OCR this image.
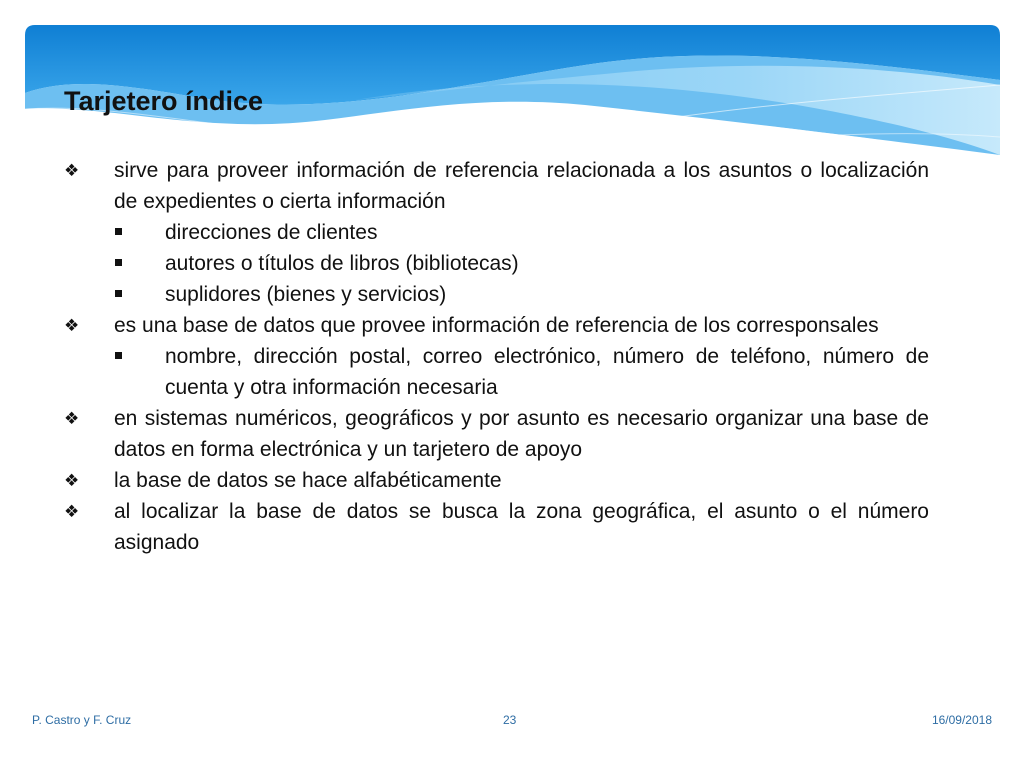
Tarjetero índice

❖ sirve para proveer información de referencia relacionada a los asuntos o localización de expedientes o cierta información

direcciones de clientes

autores o títulos de libros (bibliotecas)

suplidores (bienes y servicios)

❖ es una base de datos que provee información de referencia de los corresponsales

nombre, dirección postal, correo electrónico, número de teléfono, número de cuenta y otra información necesaria

❖ en sistemas numéricos, geográficos y por asunto es necesario organizar una base de datos en forma electrónica y un tarjetero de apoyo

❖ la base de datos se hace alfabéticamente

❖ al localizar la base de datos se busca la zona geográfica, el asunto o el número asignado

P. Castro y F. Cruz	23	16/09/2018
